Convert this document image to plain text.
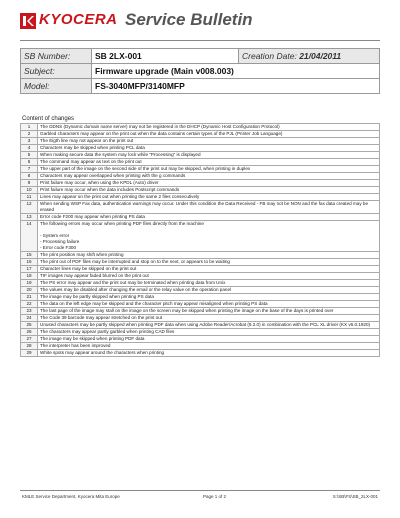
KYOCERA Service Bulletin
SB Number:	SB 2LX-001	Creation Date: 21/04/2011
Subject:	Firmware upgrade (Main v008.003)	
Model:	FS-3040MFP/3140MFP	
Content of changes
1	The DDNS (Dynamic domain name server) may not be registered in the DHCP (Dynamic Host Configuration Protocol)
2	Garbled characters may appear on the print out when the data contains certain types of the PJL (Printer Job Language)
3	The Eigth line may not appear on the print out
4	Characters may be skipped when printing PCL data
5	When making secure data the system may lock while "Processing" is displayed
6	The command may appear as text on the print out
7	The upper part of the image on the second side of the print out may be skipped, when printing in duplex
8	Characters may appear overlapped when printing with the g commands
9	Print failure may occur, when using the KPDL (Auto) driver
10	Print failure may occur when the data includes Postscript commands
11	Lines may appear on the print out when printing the same 2 files consecutively
12	When sending WSP Fax data, authentication warnings may occur. Under this condition the Data Received - FB may not be NON and the fax data created may be erased
13	Error code F200 may appear when printing PS data
14	The following errors may occur when printing PDF files directly from the machine

- System error
- Processing failure
- Error code F300
15	The print position may shift when printing
16	The print out of PDF files may be interrupted and stop on to the next, or appears to be waiting
17	Character lines may be skipped on the print out
18	TIF images may appear faded blurred on the print out
19	The PS error may appear and the print out may be terminated when printing data from Unix
20	The values may be disabled after changing the email or the relay value on the operation panel
21	The image may be partly skipped when printing PS data
22	The data on the left edge may be skipped and the character pitch may appear misaligned when printing PS data
23	The last page of the image may stall on the image on the screen may be skipped when printing the image on the base of the days is printed over
24	The Code 39 barcode may appear stretched on the print out
25	Unused characters may be partly skipped when printing PDF data when using Adobe Reader/Acrobat (9.2.0) in combination with the PCL XL driver (KX v6.0.1920)
26	The characters may appear partly garbled when printing CAD files
27	The image may be skipped when printing PDF data
28	The interpreter has been improved
29	White spots may appear around the characters when printing
KMLE Service Department, Kyocera Mita Europe	Page 1 of 2	S:\SB\FS\SB_2LX-001
